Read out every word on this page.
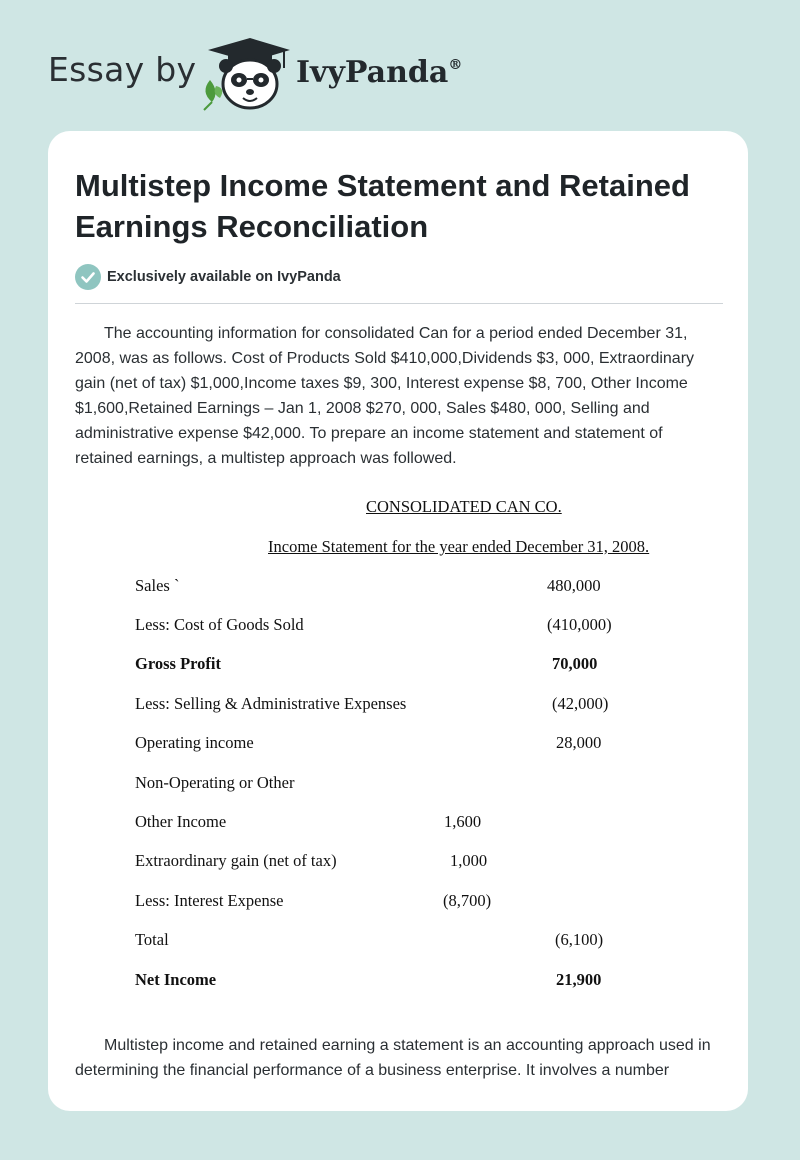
Essay by	IvyPanda®
Multistep Income Statement and Retained Earnings Reconciliation
Exclusively available on IvyPanda

The accounting information for consolidated Can for a period ended December 31, 2008, was as follows. Cost of Products Sold $410,000,Dividends $3, 000, Extraordinary gain (net of tax) $1,000,Income taxes $9, 300, Interest expense $8, 700, Other Income $1,600,Retained Earnings – Jan 1, 2008 $270, 000, Sales $480, 000, Selling and administrative expense $42,000. To prepare an income statement and statement of retained earnings, a multistep approach was followed.

CONSOLIDATED CAN CO.
Income Statement for the year ended December 31, 2008.
Sales `	480,000
Less: Cost of Goods Sold	(410,000)
Gross Profit	70,000
Less: Selling & Administrative Expenses	(42,000)
Operating income	28,000
Non-Operating or Other
Other Income	1,600
Extraordinary gain (net of tax)	1,000
Less: Interest Expense	(8,700)
Total	(6,100)
Net Income	21,900

Multistep income and retained earning a statement is an accounting approach used in determining the financial performance of a business enterprise. It involves a number
